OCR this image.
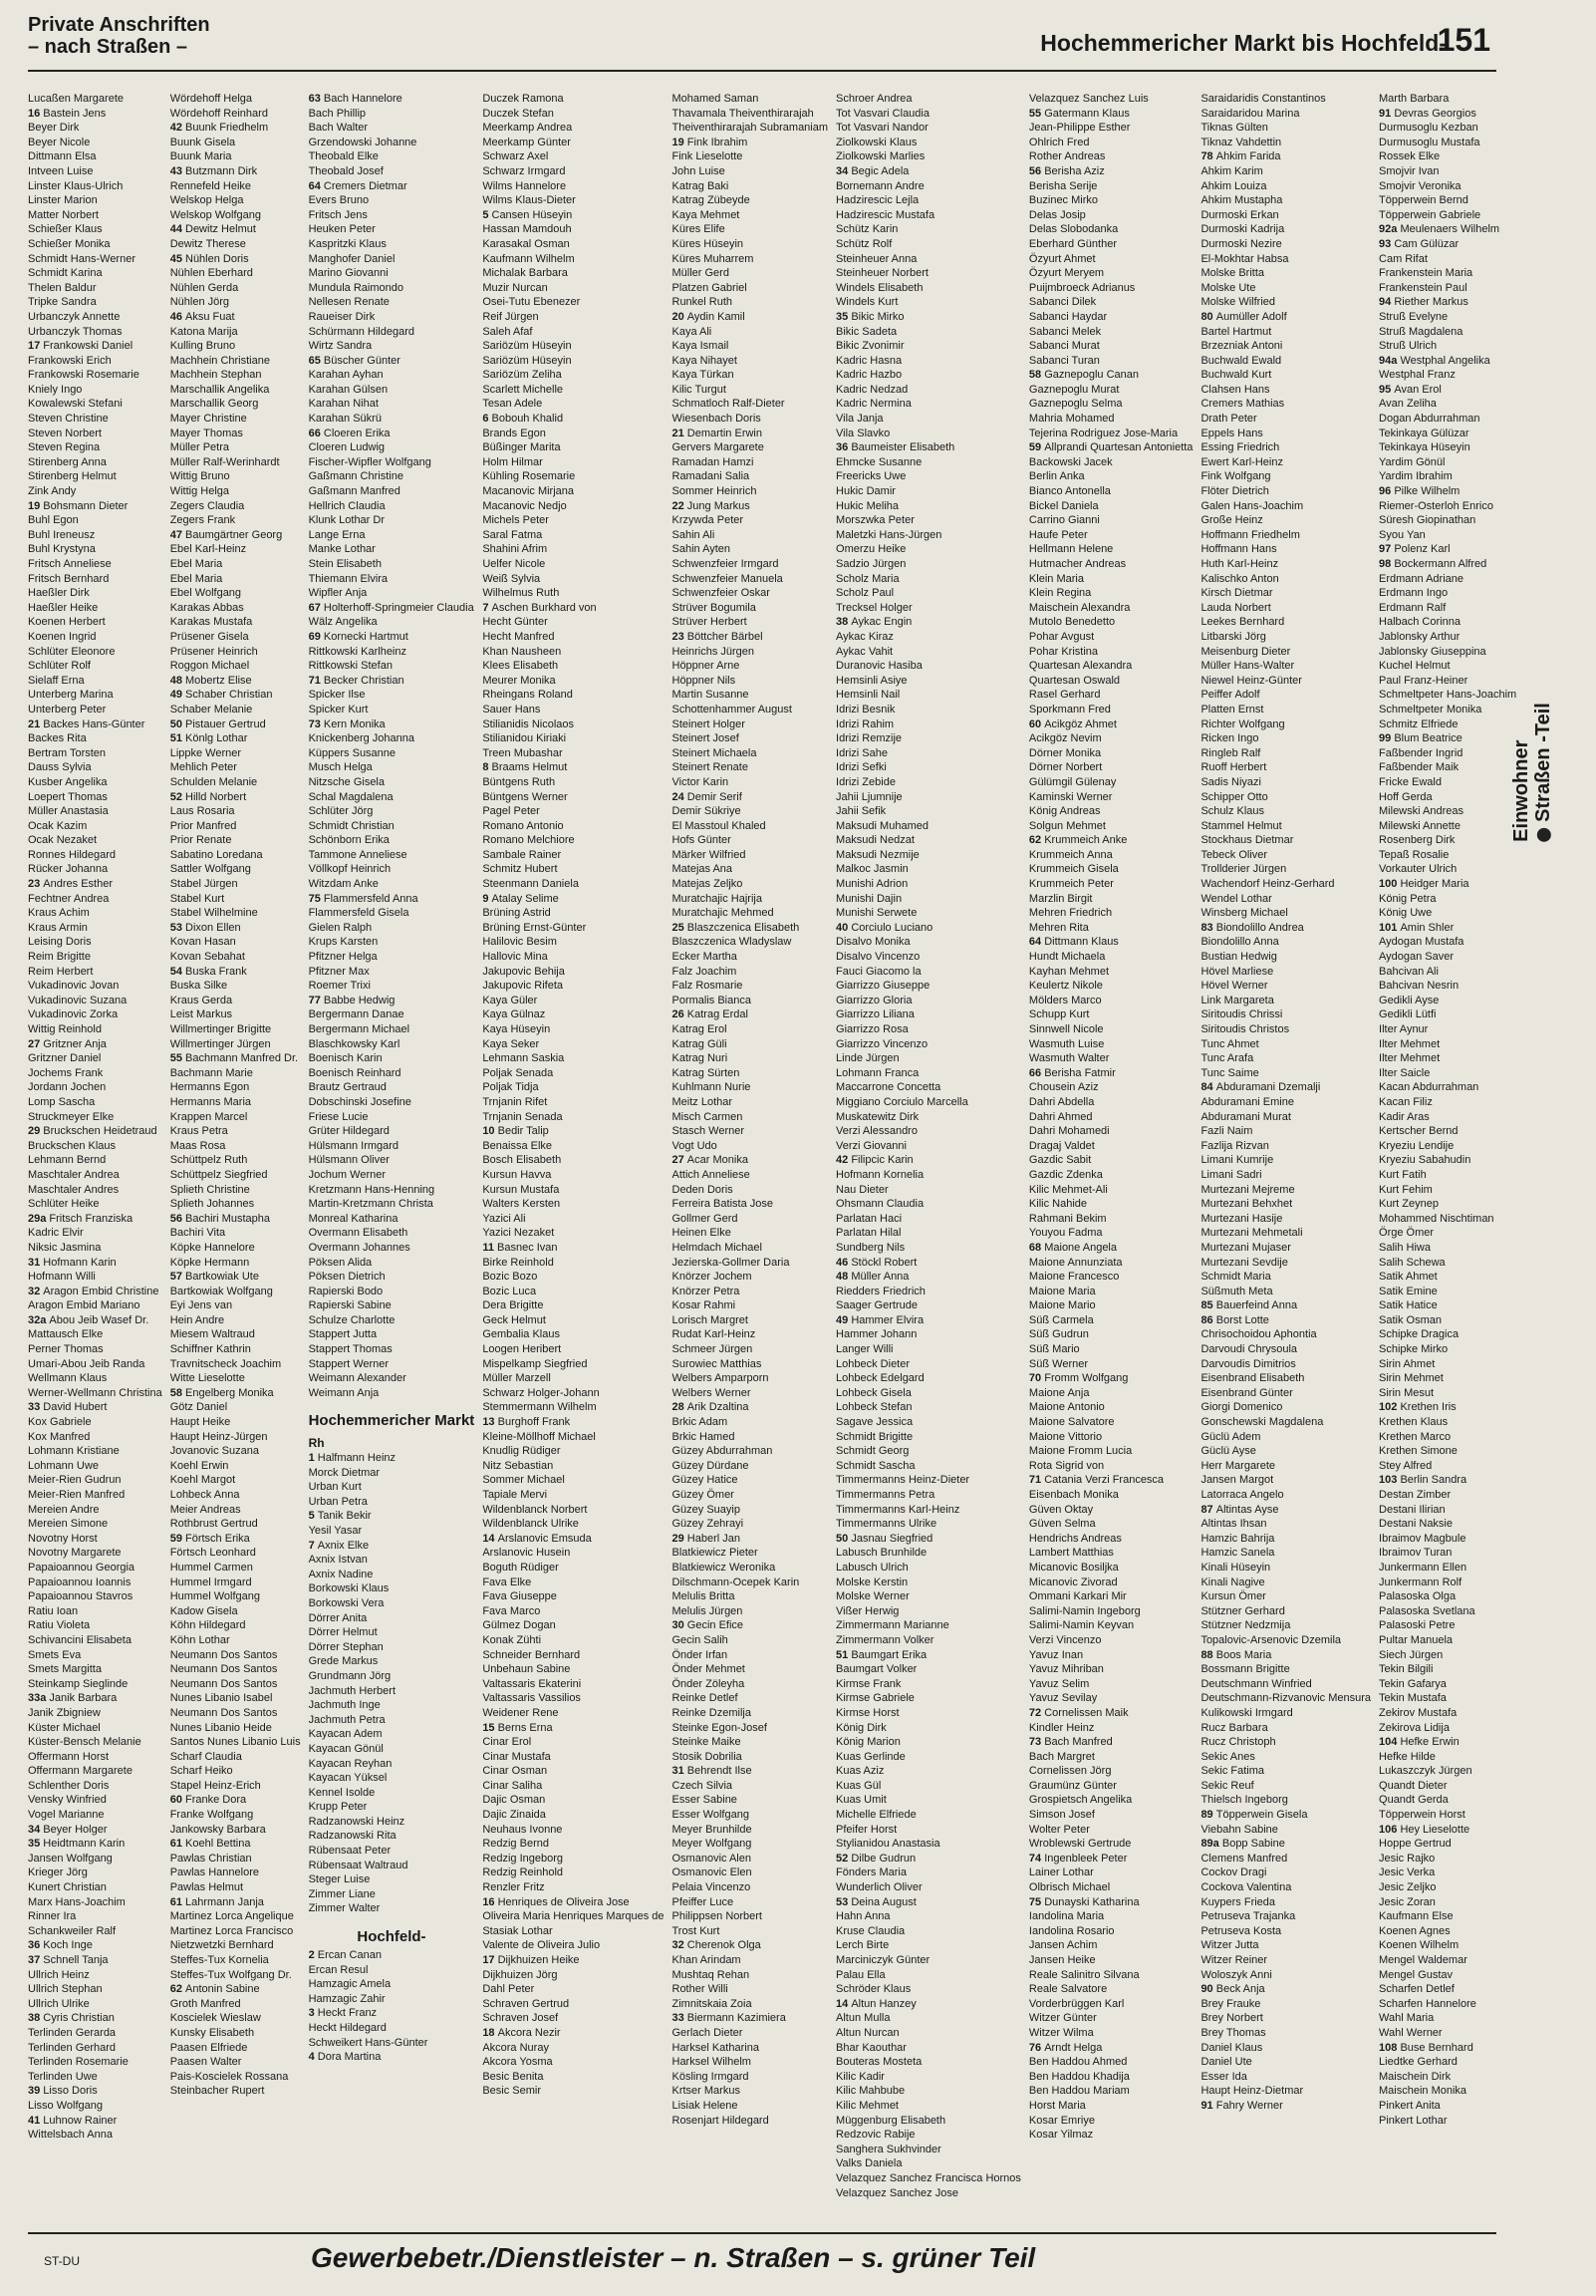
Private Anschriften
– nach Straßen –	Hochemmericher Markt bis Hochfeld-
151
Lucaßen Margarete
16 Bastein Jens
Beyer Dirk
Beyer Nicole
Dittmann Elsa
Intveen Luise
Linster Klaus-Ulrich
Linster Marion
Matter Norbert
Schießer Klaus
Schießer Monika
Schmidt Hans-Werner
Schmidt Karina
Thelen Baldur
Tripke Sandra
Urbanczyk Annette
Urbanczyk Thomas
17 Frankowski Daniel
Frankowski Erich
Frankowski Rosemarie
Kniely Ingo
Kowalewski Stefani
Steven Christine
Steven Norbert
Steven Regina
Stirenberg Anna
Stirenberg Helmut
Zink Andy
19 Bohsmann Dieter
Buhl Egon
Buhl Ireneusz
Buhl Krystyna
Fritsch Anneliese
Fritsch Bernhard
Haeßler Dirk
Haeßler Heike
Koenen Herbert
Koenen Ingrid
Schlüter Eleonore
Schlüter Rolf
Sielaff Erna
Unterberg Marina
Unterberg Peter
21 Backes Hans-Günter
Backes Rita
Bertram Torsten
Dauss Sylvia
Kusber Angelika
Loepert Thomas
Müller Anastasia
Ocak Kazim
Ocak Nezaket
Ronnes Hildegard
Rücker Johanna
23 Andres Esther
Fechtner Andrea
Kraus Achim
Kraus Armin
Leising Doris
Reim Brigitte
Reim Herbert
Vukadinovic Jovan
Vukadinovic Suzana
Vukadinovic Zorka
Wittig Reinhold
27 Gritzner Anja
Gritzner Daniel
Jochems Frank
Jordann Jochen
Lomp Sascha
Struckmeyer Elke
29 Bruckschen Heidetraud
Bruckschen Klaus
Lehmann Bernd
Maschtaler Andrea
Maschtaler Andres
Schlüter Heike
29a Fritsch Franziska
Kadric Elvir
Niksic Jasmina
31 Hofmann Karin
Hofmann Willi
32 Aragon Embid Christine
Aragon Embid Mariano
32a Abou Jeib Wasef Dr.
Mattausch Elke
Perner Thomas
Umari-Abou Jeib Randa
Wellmann Klaus
Werner-Wellmann Christina
33 David Hubert
Kox Gabriele
Kox Manfred
Lohmann Kristiane
Lohmann Uwe
Meier-Rien Gudrun
Meier-Rien Manfred
Mereien Andre
Mereien Simone
Novotny Horst
Novotny Margarete
Papaioannou Georgia
Papaioannou Ioannis
Papaioannou Stavros
Ratiu Ioan
Ratiu Violeta
Schivancini Elisabeta
Smets Eva
Smets Margitta
Steinkamp Sieglinde
33a Janik Barbara
Janik Zbigniew
Küster Michael
Küster-Bensch Melanie
Offermann Horst
Offermann Margarete
Schlenther Doris
Vensky Winfried
Vogel Marianne
34 Beyer Holger
35 Heidtmann Karin
Jansen Wolfgang
Krieger Jörg
Kunert Christian
Marx Hans-Joachim
Rinner Ira
Schankweiler Ralf
36 Koch Inge
37 Schnell Tanja
Ullrich Heinz
Ullrich Stephan
Ullrich Ulrike
38 Cyris Christian
Terlinden Gerarda
Terlinden Gerhard
Terlinden Rosemarie
Terlinden Uwe
39 Lisso Doris
Lisso Wolfgang
41 Luhnow Rainer
Wittelsbach Anna
Wördehoff Helga
Wördehoff Reinhard
42 Buunk Friedhelm
Buunk Gisela
Buunk Maria
43 Butzmann Dirk
Rennefeld Heike
Welskop Helga
Welskop Wolfgang
44 Dewitz Helmut
Dewitz Therese
45 Nühlen Doris
Nühlen Eberhard
Nühlen Gerda
Nühlen Jörg
46 Aksu Fuat
Katona Marija
Kulling Bruno
Machhein Christiane
Machhein Stephan
Marschallik Angelika
Marschallik Georg
Mayer Christine
Mayer Thomas
Müller Petra
Müller Ralf-Werinhardt
Wittig Bruno
Wittig Helga
Zegers Claudia
Zegers Frank
47 Baumgärtner Georg
Ebel Karl-Heinz
Ebel Maria
Ebel Maria
Ebel Wolfgang
Karakas Abbas
Karakas Mustafa
Prüsener Gisela
Prüsener Heinrich
Roggon Michael
48 Mobertz Elise
49 Schaber Christian
Schaber Melanie
50 Pistauer Gertrud
51 Könlg Lothar
Lippke Werner
Mehlich Peter
Schulden Melanie
52 Hilld Norbert
Laus Rosaria
Prior Manfred
Prior Renate
Sabatino Loredana
Sattler Wolfgang
Stabel Jürgen
Stabel Kurt
Stabel Wilhelmine
53 Dixon Ellen
Kovan Hasan
Kovan Sebahat
54 Buska Frank
Buska Silke
Kraus Gerda
Leist Markus
Willmertinger Brigitte
Willmertinger Jürgen
55 Bachmann Manfred Dr.
Bachmann Marie
Hermanns Egon
Hermanns Maria
Krappen Marcel
Kraus Petra
Maas Rosa
Schüttpelz Ruth
Schüttpelz Siegfried
Splieth Christine
Splieth Johannes
56 Bachiri Mustapha
Bachiri Vita
Köpke Hannelore
Köpke Hermann
57 Bartkowiak Ute
Bartkowiak Wolfgang
Eyi Jens van
Hein Andre
Miesem Waltraud
Schiffner Kathrin
Travnitscheck Joachim
Witte Lieselotte
58 Engelberg Monika
Götz Daniel
Haupt Heike
Haupt Heinz-Jürgen
Jovanovic Suzana
Koehl Erwin
Koehl Margot
Lohbeck Anna
Meier Andreas
Rothbrust Gertrud
59 Förtsch Erika
Förtsch Leonhard
Hummel Carmen
Hummel Irmgard
Hummel Wolfgang
Kadow Gisela
Köhn Hildegard
Köhn Lothar
Neumann Dos Santos
Neumann Dos Santos
Neumann Dos Santos
Nunes Libanio Isabel
Neumann Dos Santos
Nunes Libanio Heide
Santos Nunes Libanio Luis
Scharf Claudia
Scharf Heiko
Stapel Heinz-Erich
60 Franke Dora
Franke Wolfgang
Jankowsky Barbara
61 Koehl Bettina
Pawlas Christian
Pawlas Hannelore
Pawlas Helmut
61 Lahrmann Janja
Martinez Lorca Angelique
Martinez Lorca Francisco
Nietzwetzki Bernhard
Steffes-Tux Kornelia
Steffes-Tux Wolfgang Dr.
62 Antonin Sabine
Groth Manfred
Koscielek Wieslaw
Kunsky Elisabeth
Paasen Elfriede
Paasen Walter
Pais-Koscielek Rossana
Steinbacher Rupert
63 Bach Hannelore
Bach Phillip
Bach Walter
Grzendowski Johanne
Theobald Elke
Theobald Josef
64 Cremers Dietmar
Evers Bruno
Fritsch Jens
Heuken Peter
Kaspritzki Klaus
Manghofer Daniel
Marino Giovanni
Mundula Raimondo
Nellesen Renate
Raueiser Dirk
Schürmann Hildegard
Wirtz Sandra
65 Büscher Günter
Karahan Ayhan
Karahan Gülsen
Karahan Nihat
Karahan Sükrü
66 Cloeren Erika
Cloeren Ludwig
Fischer-Wipfler Wolfgang
Gaßmann Christine
Gaßmann Manfred
Hellrich Claudia
Klunk Lothar Dr
Lange Erna
Manke Lothar
Stein Elisabeth
Thiemann Elvira
Wipfler Anja
67 Holterhoff-Springmeier Claudia
Wälz Angelika
69 Kornecki Hartmut
Rittkowski Karlheinz
Rittkowski Stefan
71 Becker Christian
Spicker Ilse
Spicker Kurt
73 Kern Monika
Knickenberg Johanna
Küppers Susanne
Musch Helga
Nitzsche Gisela
Schal Magdalena
Schlüter Jörg
Schmidt Christian
Schönborn Erika
Tammone Anneliese
Völlkopf Heinrich
Witzdam Anke
75 Flammersfeld Anna
Flammersfeld Gisela
Gielen Ralph
Krups Karsten
Pfitzner Helga
Pfitzner Max
Roemer Trixi
77 Babbe Hedwig
Bergermann Danae
Bergermann Michael
Blaschkowsky Karl
Boenisch Karin
Boenisch Reinhard
Brautz Gertraud
Dobschinski Josefine
Friese Lucie
Grüter Hildegard
Hülsmann Irmgard
Hülsmann Oliver
Jochum Werner
Kretzmann Hans-Henning
Martin-Kretzmann Christa
Monreal Katharina
Overmann Elisabeth
Overmann Johannes
Pöksen Alida
Pöksen Dietrich
Rapierski Bodo
Rapierski Sabine
Schulze Charlotte
Stappert Jutta
Stappert Thomas
Stappert Werner
Weimann Alexander
Weimann Anja
Hochemmericher Markt
Rh
1 Halfmann Heinz
Morck Dietmar
Urban Kurt
Urban Petra
5 Tanik Bekir
Yesil Yasar
7 Axnix Elke
Axnix Istvan
Axnix Nadine
Borkowski Klaus
Borkowski Vera
Dörrer Anita
Dörrer Helmut
Dörrer Stephan
Grede Markus
Grundmann Jörg
Jachmuth Herbert
Jachmuth Inge
Jachmuth Petra
Kayacan Adem
Kayacan Gönül
Kayacan Reyhan
Kayacan Yüksel
Kennel Isolde
Krupp Peter
Radzanowski Heinz
Radzanowski Rita
Rübensaat Peter
Rübensaat Waltraud
Steger Luise
Zimmer Liane
Zimmer Walter
Hochfeld-
2 Ercan Canan
Ercan Resul
Hamzagic Amela
Hamzagic Zahir
3 Heckt Franz
Heckt Hildegard
Schweikert Hans-Günter
4 Dora Martina
Duczek Ramona
Duczek Stefan
Meerkamp Andrea
Meerkamp Günter
Schwarz Axel
Schwarz Irmgard
Wilms Hannelore
Wilms Klaus-Dieter
5 Cansen Hüseyin
Hassan Mamdouh
Karasakal Osman
Kaufmann Wilhelm
Michalak Barbara
Muzir Nurcan
Osei-Tutu Ebenezer
Reif Jürgen
Saleh Afaf
Sariözüm Hüseyin
Sariözüm Hüseyin
Sariözüm Zeliha
Scarlett Michelle
Tesan Adele
6 Bobouh Khalid
Brands Egon
Büßinger Marita
Holm Hilmar
Kühling Rosemarie
Macanovic Mirjana
Macanovic Nedjo
Michels Peter
Saral Fatma
Shahini Afrim
Uelfer Nicole
Weiß Sylvia
Wilhelmus Ruth
7 Aschen Burkhard von
Hecht Günter
Hecht Manfred
Khan Nausheen
Klees Elisabeth
Meurer Monika
Rheingans Roland
Sauer Hans
Stilianidis Nicolaos
Stilianidou Kiriaki
Treen Mubashar
8 Braams Helmut
Büntgens Ruth
Büntgens Werner
Pagel Peter
Romano Antonio
Romano Melchiore
Sambale Rainer
Schmitz Hubert
Steenmann Daniela
9 Atalay Selime
Brüning Astrid
Brüning Ernst-Günter
Halilovic Besim
Hallovic Mina
Jakupovic Behija
Jakupovic Rifeta
Kaya Güler
Kaya Gülnaz
Kaya Hüseyin
Kaya Seker
Lehmann Saskia
Poljak Senada
Poljak Tidja
Trnjanin Rifet
Trnjanin Senada
10 Bedir Talip
Benaissa Elke
Bosch Elisabeth
Kursun Havva
Kursun Mustafa
Walters Kersten
Yazici Ali
Yazici Nezaket
11 Basnec Ivan
Birke Reinhold
Bozic Bozo
Bozic Luca
Dera Brigitte
Geck Helmut
Gembalia Klaus
Loogen Heribert
Mispelkamp Siegfried
Müller Marzell
Schwarz Holger-Johann
Stemmermann Wilhelm
13 Burghoff Frank
Kleine-Möllhoff Michael
Knudlig Rüdiger
Nitz Sebastian
Sommer Michael
Tapiale Mervi
Wildenblanck Norbert
Wildenblanck Ulrike
14 Arslanovic Emsuda
Arslanovic Husein
Boguth Rüdiger
Fava Elke
Fava Giuseppe
Fava Marco
Gülmez Dogan
Konak Zühti
Schneider Bernhard
Unbehaun Sabine
Valtassaris Ekaterini
Valtassaris Vassilios
Weidener Rene
15 Berns Erna
Cinar Erol
Cinar Mustafa
Cinar Osman
Cinar Saliha
Dajic Osman
Dajic Zinaida
Neuhaus Ivonne
Redzig Bernd
Redzig Ingeborg
Redzig Reinhold
Renzler Fritz
16 Henriques de Oliveira Jose
Oliveira Maria Henriques Marques de
Stasiak Lothar
Valente de Oliveira Julio
17 Dijkhuizen Heike
Dijkhuizen Jörg
Dahl Peter
Schraven Gertrud
Schraven Josef
18 Akcora Nezir
Akcora Nuray
Akcora Yosma
Besic Benita
Besic Semir
Mohamed Saman
Thavamala Theiventhirarajah
Theiventhirarajah Subramaniam
19 Fink Ibrahim
Fink Lieselotte
John Luise
Katrag Baki
Katrag Zübeyde
Kaya Mehmet
Küres Elife
Küres Hüseyin
Küres Muharrem
Müller Gerd
Platzen Gabriel
Runkel Ruth
20 Aydin Kamil
Kaya Ali
Kaya Ismail
Kaya Nihayet
Kaya Türkan
Kilic Turgut
Schmatloch Ralf-Dieter
Wiesenbach Doris
21 Demartin Erwin
Gervers Margarete
Ramadan Hamzi
Ramadani Salia
Sommer Heinrich
22 Jung Markus
Krzywda Peter
Sahin Ali
Sahin Ayten
Schwenzfeier Irmgard
Schwenzfeier Manuela
Schwenzfeier Oskar
Strüver Bogumila
Strüver Herbert
23 Böttcher Bärbel
Heinrichs Jürgen
Höppner Arne
Höppner Nils
Martin Susanne
Schottenhammer August
Steinert Holger
Steinert Josef
Steinert Michaela
Steinert Renate
Victor Karin
24 Demir Serif
Demir Sükriye
El Masstoul Khaled
Hofs Günter
Märker Wilfried
Matejas Ana
Matejas Zeljko
Muratchajic Hajrija
Muratchajic Mehmed
25 Blaszczenica Elisabeth
Blaszczenica Wladyslaw
Ecker Martha
Falz Joachim
Falz Rosmarie
Pormalis Bianca
26 Katrag Erdal
Katrag Erol
Katrag Güli
Katrag Nuri
Katrag Sürten
Kuhlmann Nurie
Meitz Lothar
Misch Carmen
Stasch Werner
Vogt Udo
27 Acar Monika
Attich Anneliese
Deden Doris
Ferreira Batista Jose
Gollmer Gerd
Heinen Elke
Helmdach Michael
Jezierska-Gollmer Daria
Knörzer Jochem
Knörzer Petra
Kosar Rahmi
Lorisch Margret
Rudat Karl-Heinz
Schmeer Jürgen
Surowiec Matthias
Welbers Amparporn
Welbers Werner
28 Arik Dzaltina
Brkic Adam
Brkic Hamed
Güzey Abdurrahman
Güzey Dürdane
Güzey Hatice
Güzey Ömer
Güzey Suayip
Güzey Zehrayi
29 Haberl Jan
Blatkiewicz Pieter
Blatkiewicz Weronika
Dilschmann-Ocepek Karin
Melulis Britta
Melulis Jürgen
30 Gecin Efice
Gecin Salih
Önder Irfan
Önder Mehmet
Önder Zöleyha
Reinke Detlef
Reinke Dzemilja
Steinke Egon-Josef
Steinke Maike
Stosik Dobrilia
31 Behrendt Ilse
Czech Silvia
Esser Sabine
Esser Wolfgang
Meyer Brunhilde
Meyer Wolfgang
Osmanovic Alen
Osmanovic Elen
Pelaia Vincenzo
Pfeiffer Luce
Philippsen Norbert
Trost Kurt
32 Cherenok Olga
Khan Arindam
Mushtaq Rehan
Rother Willi
Zimnitskaia Zoia
33 Biermann Kazimiera
Gerlach Dieter
Harksel Katharina
Harksel Wilhelm
Kösling Irmgard
Krtser Markus
Lisiak Helene
Rosenjart Hildegard
Schroer Andrea
Tot Vasvari Claudia
Tot Vasvari Nandor
Ziolkowski Klaus
Ziolkowski Marlies
34 Begic Adela
Bornemann Andre
Hadzirescic Lejla
Hadzirescic Mustafa
Schütz Karin
Schütz Rolf
Steinheuer Anna
Steinheuer Norbert
Windels Elisabeth
Windels Kurt
35 Bikic Mirko
Bikic Sadeta
Bikic Zvonimir
Kadric Hasna
Kadric Hazbo
Kadric Nedzad
Kadric Nermina
Vila Janja
Vila Slavko
36 Baumeister Elisabeth
Ehmcke Susanne
Freericks Uwe
Hukic Damir
Hukic Meliha
Morszwka Peter
Maletzki Hans-Jürgen
Omerzu Heike
Sadzio Jürgen
Scholz Maria
Scholz Paul
Trecksel Holger
38 Aykac Engin
Aykac Kiraz
Aykac Vahit
Duranovic Hasiba
Hemsinli Asiye
Hemsinli Nail
Idrizi Besnik
Idrizi Rahim
Idrizi Remzije
Idrizi Sahe
Idrizi Sefki
Idrizi Zebide
Jahii Ljumnije
Jahii Sefik
Maksudi Muhamed
Maksudi Nedzat
Maksudi Nezmije
Malkoc Jasmin
Munishi Adrion
Munishi Dajin
Munishi Serwete
40 Corciulo Luciano
Disalvo Monika
Disalvo Vincenzo
Fauci Giacomo la
Giarrizzo Giuseppe
Giarrizzo Gloria
Giarrizzo Liliana
Giarrizzo Rosa
Giarrizzo Vincenzo
Linde Jürgen
Lohmann Franca
Maccarrone Concetta
Miggiano Corciulo Marcella
Muskatewitz Dirk
Verzi Alessandro
Verzi Giovanni
42 Filipcic Karin
Hofmann Kornelia
Nau Dieter
Ohsmann Claudia
Parlatan Haci
Parlatan Hilal
Sundberg Nils
46 Stöckl Robert
48 Müller Anna
Riedders Friedrich
Saager Gertrude
49 Hammer Elvira
Hammer Johann
Langer Willi
Lohbeck Dieter
Lohbeck Edelgard
Lohbeck Gisela
Lohbeck Stefan
Sagave Jessica
Schmidt Brigitte
Schmidt Georg
Schmidt Sascha
Timmermanns Heinz-Dieter
Timmermanns Petra
Timmermanns Karl-Heinz
Timmermanns Ulrike
50 Jasnau Siegfried
Labusch Brunhilde
Labusch Ulrich
Molske Kerstin
Molske Werner
Vißer Herwig
Zimmermann Marianne
Zimmermann Volker
51 Baumgart Erika
Baumgart Volker
Kirmse Frank
Kirmse Gabriele
Kirmse Horst
König Dirk
König Marion
Kuas Gerlinde
Kuas Aziz
Kuas Gül
Kuas Umit
Michelle Elfriede
Pfeifer Horst
Stylianidou Anastasia
52 Dilbe Gudrun
Fönders Maria
Wunderlich Oliver
53 Deina August
Hahn Anna
Kruse Claudia
Lerch Birte
Marciniczyk Günter
Palau Ella
Schröder Klaus
14 Altun Hanzey
Altun Mulla
Altun Nurcan
Bhar Kaouthar
Bouteras Mosteta
Kilic Kadir
Kilic Mahbube
Kilic Mehmet
Müggenburg Elisabeth
Redzovic Rabije
Sanghera Sukhvinder
Valks Daniela
Velazquez Sanchez Francisca Hornos
Velazquez Sanchez Jose
Velazquez Sanchez Luis
55 Gatermann Klaus
Jean-Philippe Esther
Ohlrich Fred
Rother Andreas
56 Berisha Aziz
Berisha Serije
Buzinec Mirko
Delas Josip
Delas Slobodanka
Eberhard Günther
Özyurt Ahmet
Özyurt Meryem
Puijmbroeck Adrianus
Sabanci Dilek
Sabanci Haydar
Sabanci Melek
Sabanci Murat
Sabanci Turan
58 Gaznepoglu Canan
Gaznepoglu Murat
Gaznepoglu Selma
Mahria Mohamed
Tejerina Rodriguez Jose-Maria
59 Allprandi Quartesan Antonietta
Backowski Jacek
Berlin Anka
Bianco Antonella
Bickel Daniela
Carrino Gianni
Haufe Peter
Hellmann Helene
Hutmacher Andreas
Klein Maria
Klein Regina
Maischein Alexandra
Mutolo Benedetto
Pohar Avgust
Pohar Kristina
Quartesan Alexandra
Quartesan Oswald
Rasel Gerhard
Sporkmann Fred
60 Acikgöz Ahmet
Acikgöz Nevim
Dörner Monika
Dörner Norbert
Gülümgil Gülenay
Kaminski Werner
König Andreas
Solgun Mehmet
62 Krummeich Anke
Krummeich Anna
Krummeich Gisela
Krummeich Peter
Marzlin Birgit
Mehren Friedrich
Mehren Rita
64 Dittmann Klaus
Hundt Michaela
Kayhan Mehmet
Keulertz Nikole
Mölders Marco
Schupp Kurt
Sinnwell Nicole
Wasmuth Luise
Wasmuth Walter
66 Berisha Fatmir
Chousein Aziz
Dahri Abdella
Dahri Ahmed
Dahri Mohamedi
Dragaj Valdet
Gazdic Sabit
Gazdic Zdenka
Kilic Mehmet-Ali
Kilic Nahide
Rahmani Bekim
Youyou Fadma
68 Maione Angela
Maione Annunziata
Maione Francesco
Maione Maria
Maione Mario
Süß Carmela
Süß Gudrun
Süß Mario
Süß Werner
70 Fromm Wolfgang
Maione Anja
Maione Antonio
Maione Salvatore
Maione Vittorio
Maione Fromm Lucia
Rota Sigrid von
71 Catania Verzi Francesca
Eisenbach Monika
Güven Oktay
Güven Selma
Hendrichs Andreas
Lambert Matthias
Micanovic Bosiljka
Micanovic Zivorad
Ommani Karkari Mir
Salimi-Namin Ingeborg
Salimi-Namin Keyvan
Verzi Vincenzo
Yavuz Inan
Yavuz Mihriban
Yavuz Selim
Yavuz Sevilay
72 Cornelissen Maik
Kindler Heinz
73 Bach Manfred
Bach Margret
Cornelissen Jörg
Graumünz Günter
Grospietsch Angelika
Simson Josef
Wolter Peter
Wroblewski Gertrude
74 Ingenbleek Peter
Lainer Lothar
Olbrisch Michael
75 Dunayski Katharina
Iandolina Maria
Iandolina Rosario
Jansen Achim
Jansen Heike
Reale Salinitro Silvana
Reale Salvatore
Vorderbrüggen Karl
Witzer Günter
Witzer Wilma
76 Arndt Helga
Ben Haddou Ahmed
Ben Haddou Khadija
Ben Haddou Mariam
Horst Maria
Kosar Emriye
Kosar Yilmaz
Saraidaridis Constantinos
Saraidaridou Marina
Tiknas Gülten
Tiknaz Vahdettin
78 Ahkim Farida
Ahkim Karim
Ahkim Louiza
Ahkim Mustapha
Durmoski Erkan
Durmoski Kadrija
Durmoski Nezire
El-Mokhtar Habsa
Molske Britta
Molske Ute
Molske Wilfried
80 Aumüller Adolf
Bartel Hartmut
Brzezniak Antoni
Buchwald Ewald
Buchwald Kurt
Clahsen Hans
Cremers Mathias
Drath Peter
Eppels Hans
Essing Friedrich
Ewert Karl-Heinz
Fink Wolfgang
Flöter Dietrich
Galen Hans-Joachim
Große Heinz
Hoffmann Friedhelm
Hoffmann Hans
Huth Karl-Heinz
Kalischko Anton
Kirsch Dietmar
Lauda Norbert
Leekes Bernhard
Litbarski Jörg
Meisenburg Dieter
Müller Hans-Walter
Niewel Heinz-Günter
Peiffer Adolf
Platten Ernst
Richter Wolfgang
Ricken Ingo
Ringleb Ralf
Ruoff Herbert
Sadis Niyazi
Schipper Otto
Schulz Klaus
Stammel Helmut
Stockhaus Dietmar
Tebeck Oliver
Trollderier Jürgen
Wachendorf Heinz-Gerhard
Wendel Lothar
Winsberg Michael
83 Biondolillo Andrea
Biondolillo Anna
Bustian Hedwig
Hövel Marliese
Hövel Werner
Link Margareta
Siritoudis Chrissi
Siritoudis Christos
Tunc Ahmet
Tunc Arafa
Tunc Saime
84 Abduramani Dzemalji
Abduramani Emine
Abduramani Murat
Fazli Naim
Fazlija Rizvan
Limani Kumrije
Limani Sadri
Murtezani Mejreme
Murtezani Behxhet
Murtezani Hasije
Murtezani Mehmetali
Murtezani Mujaser
Murtezani Sevdije
Schmidt Maria
Süßmuth Meta
85 Bauerfeind Anna
86 Borst Lotte
Chrisochoidou Aphontia
Darvoudi Chrysoula
Darvoudis Dimitrios
Eisenbrand Elisabeth
Eisenbrand Günter
Giorgi Domenico
Gonschewski Magdalena
Güclü Adem
Güclü Ayse
Herr Margarete
Jansen Margot
Latorraca Angelo
87 Altintas Ayse
Altintas Ihsan
Hamzic Bahrija
Hamzic Sanela
Kinali Hüseyin
Kinali Nagive
Kursun Ömer
Stützner Gerhard
Stützner Nedzmija
Topalovic-Arsenovic Dzemila
88 Boos Maria
Bossmann Brigitte
Deutschmann Winfried
Deutschmann-Rizvanovic Mensura
Kulikowski Irmgard
Rucz Barbara
Rucz Christoph
Sekic Anes
Sekic Fatima
Sekic Reuf
Thielsch Ingeborg
89 Töpperwein Gisela
Viebahn Sabine
89a Bopp Sabine
Clemens Manfred
Cockov Dragi
Cockova Valentina
Kuypers Frieda
Petruseva Trajanka
Petruseva Kosta
Witzer Jutta
Witzer Reiner
Woloszyk Anni
90 Beck Anja
Brey Frauke
Brey Norbert
Brey Thomas
Daniel Klaus
Daniel Ute
Esser Ida
Haupt Heinz-Dietmar
91 Fahry Werner
Marth Barbara
91 Devras Georgios
Durmusoglu Kezban
Durmusoglu Mustafa
Rossek Elke
Smojvir Ivan
Smojvir Veronika
Töpperwein Bernd
Töpperwein Gabriele
92a Meulenaers Wilhelm
93 Cam Gülüzar
Cam Rifat
Frankenstein Maria
Frankenstein Paul
94 Riether Markus
Struß Evelyne
Struß Magdalena
Struß Ulrich
94a Westphal Angelika
Westphal Franz
95 Avan Erol
Avan Zeliha
Dogan Abdurrahman
Tekinkaya Gülüzar
Tekinkaya Hüseyin
Yardim Gönül
Yardim Ibrahim
96 Pilke Wilhelm
Riemer-Osterloh Enrico
Süresh Giopinathan
Syou Yan
97 Polenz Karl
98 Bockermann Alfred
Erdmann Adriane
Erdmann Ingo
Erdmann Ralf
Halbach Corinna
Jablonsky Arthur
Jablonsky Giuseppina
Kuchel Helmut
Paul Franz-Heiner
Schmeltpeter Hans-Joachim
Schmeltpeter Monika
Schmitz Elfriede
99 Blum Beatrice
Faßbender Ingrid
Faßbender Maik
Fricke Ewald
Hoff Gerda
Milewski Andreas
Milewski Annette
Rosenberg Dirk
Tepaß Rosalie
Vorkauter Ulrich
100 Heidger Maria
König Petra
König Uwe
101 Amin Shler
Aydogan Mustafa
Aydogan Saver
Bahcivan Ali
Bahcivan Nesrin
Gedikli Ayse
Gedikli Lütfi
Ilter Aynur
Ilter Mehmet
Ilter Mehmet
Ilter Saicle
Kacan Abdurrahman
Kacan Filiz
Kadir Aras
Kertscher Bernd
Kryeziu Lendije
Kryeziu Sabahudin
Kurt Fatih
Kurt Fehim
Kurt Zeynep
Mohammed Nischtiman
Örge Ömer
Salih Hiwa
Salih Schewa
Satik Ahmet
Satik Emine
Satik Hatice
Satik Osman
Schipke Dragica
Schipke Mirko
Sirin Ahmet
Sirin Mehmet
Sirin Mesut
102 Krethen Iris
Krethen Klaus
Krethen Marco
Krethen Simone
Stey Alfred
103 Berlin Sandra
Destan Zimber
Destani Ilirian
Destani Naksie
Ibraimov Magbule
Ibraimov Turan
Junkermann Ellen
Junkermann Rolf
Palasoska Olga
Palasoska Svetlana
Palasoski Petre
Pultar Manuela
Siech Jürgen
Tekin Bilgili
Tekin Gafarya
Tekin Mustafa
Zekirov Mustafa
Zekirova Lidija
104 Hefke Erwin
Hefke Hilde
Lukaszczyk Jürgen
Quandt Dieter
Quandt Gerda
Töpperwein Horst
106 Hey Lieselotte
Hoppe Gertrud
Jesic Rajko
Jesic Verka
Jesic Zeljko
Jesic Zoran
Kaufmann Else
Koenen Agnes
Koenen Wilhelm
Mengel Waldemar
Mengel Gustav
Scharfen Detlef
Scharfen Hannelore
Wahl Maria
Wahl Werner
108 Buse Bernhard
Liedtke Gerhard
Maischein Dirk
Maischein Monika
Pinkert Anita
Pinkert Lothar
Einwohner Straßen -Teil
ST-DU	Gewerbebetr./Dienstleister – n. Straßen – s. grüner Teil
